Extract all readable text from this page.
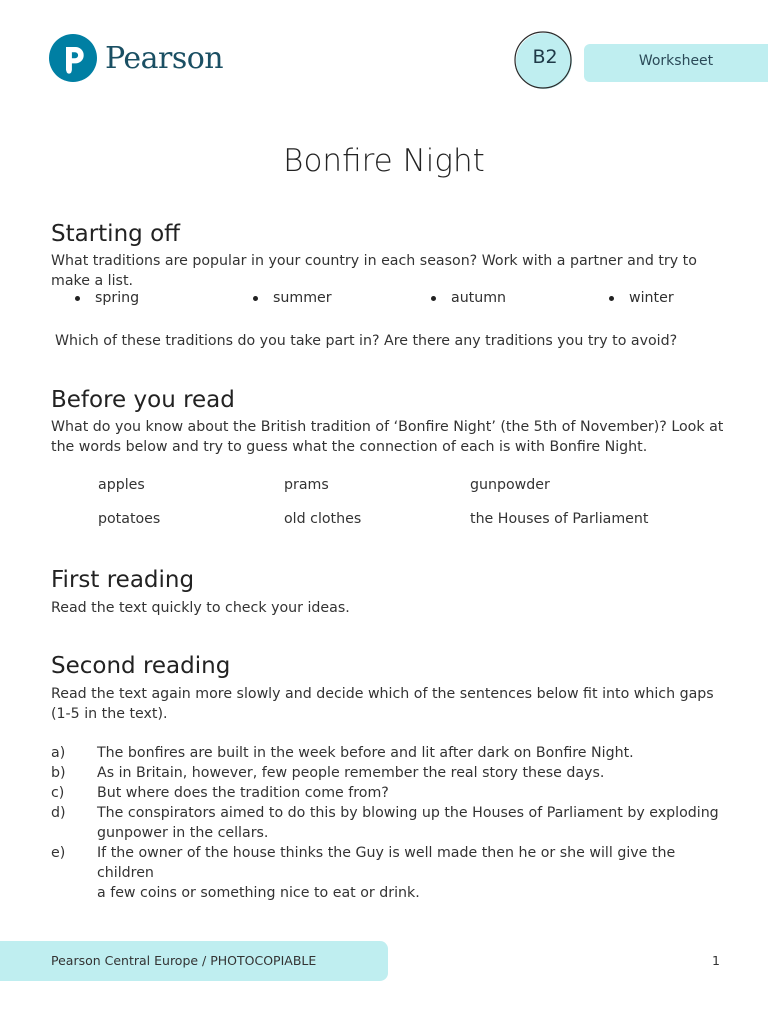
Pearson	B2	Worksheet
Bonfire Night
Starting off
What traditions are popular in your country in each season? Work with a partner and try to
make a list.
spring	summer	autumn	winter
Which of these traditions do you take part in? Are there any traditions you try to avoid?
Before you read
What do you know about the British tradition of ‘Bonfire Night’ (the 5th of November)? Look at
the words below and try to guess what the connection of each is with Bonfire Night.
apples	prams	gunpowder
potatoes	old clothes	the Houses of Parliament
First reading
Read the text quickly to check your ideas.
Second reading
Read the text again more slowly and decide which of the sentences below fit into which gaps
(1-5 in the text).
a)	The bonfires are built in the week before and lit after dark on Bonfire Night.
b)	As in Britain, however, few people remember the real story these days.
c)	But where does the tradition come from?
d)	The conspirators aimed to do this by blowing up the Houses of Parliament by exploding
gunpower in the cellars.
e)	If the owner of the house thinks the Guy is well made then he or she will give the children
a few coins or something nice to eat or drink.
Pearson Central Europe / PHOTOCOPIABLE	1
